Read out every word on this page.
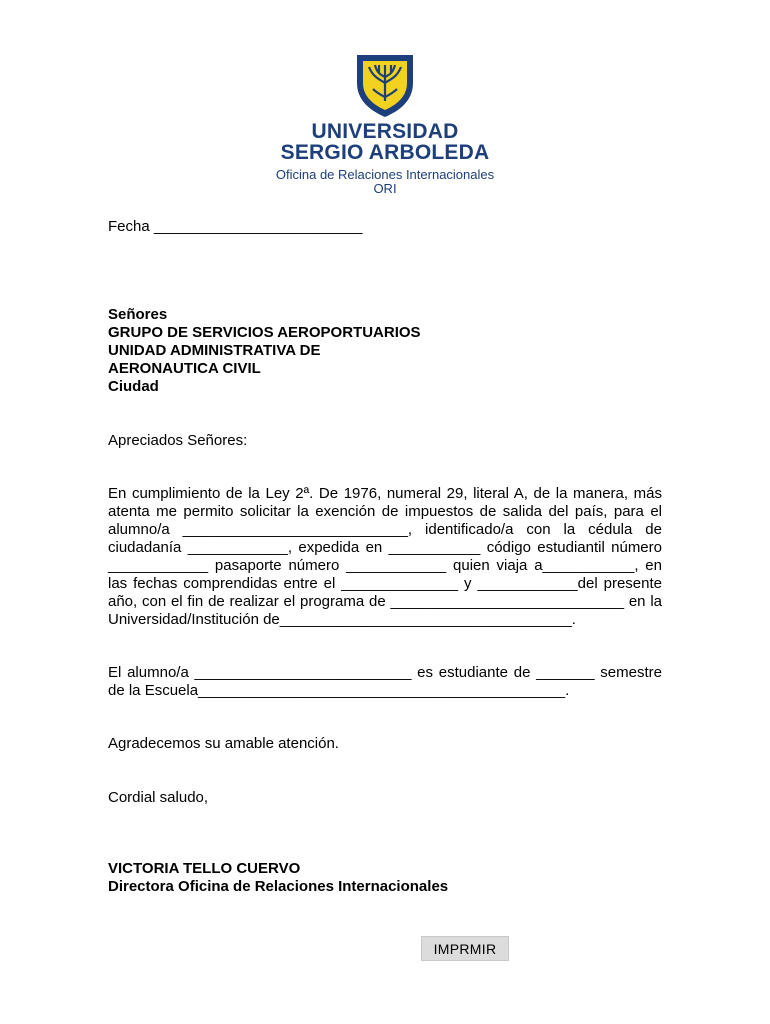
UNIVERSIDAD
SERGIO ARBOLEDA
Oficina de Relaciones Internacionales
ORI
Fecha _________________________
Señores
GRUPO DE SERVICIOS AEROPORTUARIOS
UNIDAD ADMINISTRATIVA DE
AERONAUTICA CIVIL
Ciudad
Apreciados Señores:
En cumplimiento de la Ley 2ª. De 1976, numeral 29, literal A, de la manera, más
atenta me permito solicitar la exención de impuestos de salida del país, para el
alumno/a ___________________________, identificado/a con la cédula de
ciudadanía ____________, expedida en ___________ código estudiantil número
____________ pasaporte número ____________ quien viaja a___________, en
las fechas comprendidas entre el ______________ y ____________del presente
año, con el fin de realizar el programa de ____________________________ en la
Universidad/Institución de___________________________________.
El alumno/a __________________________ es estudiante de _______ semestre
de la Escuela____________________________________________.
Agradecemos su amable atención.
Cordial saludo,
VICTORIA TELLO CUERVO
Directora Oficina de Relaciones Internacionales
IMPRMIR
